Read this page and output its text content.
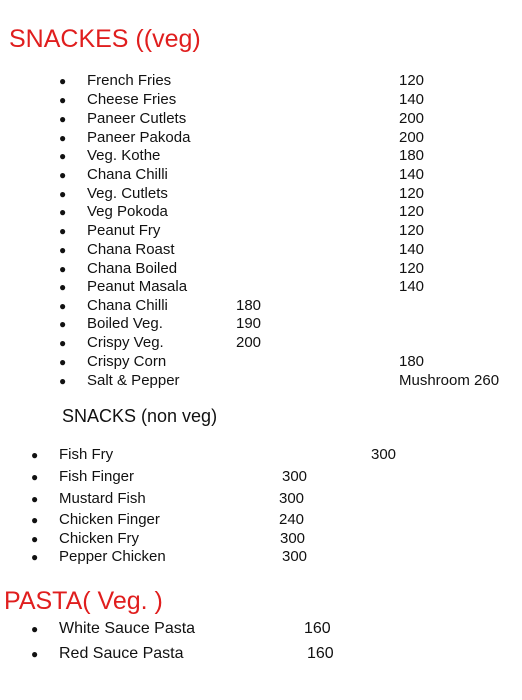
SNACKES ((veg)
● French Fries	120
● Cheese Fries	140
● Paneer Cutlets	200
● Paneer Pakoda	200
● Veg. Kothe	180
● Chana Chilli	140
● Veg. Cutlets	120
● Veg Pokoda	120
● Peanut Fry	120
● Chana Roast	140
● Chana Boiled	120
● Peanut Masala	140
● Chana Chilli	180
● Boiled Veg.	190
● Crispy Veg.	200
● Crispy Corn	180
● Salt & Pepper	Mushroom 260
SNACKS (non veg)
● Fish Fry	300
● Fish Finger	300
● Mustard Fish	300
● Chicken Finger	240
● Chicken Fry	300
● Pepper Chicken	300
PASTA( Veg. )
● White Sauce Pasta	160
● Red Sauce Pasta	160
